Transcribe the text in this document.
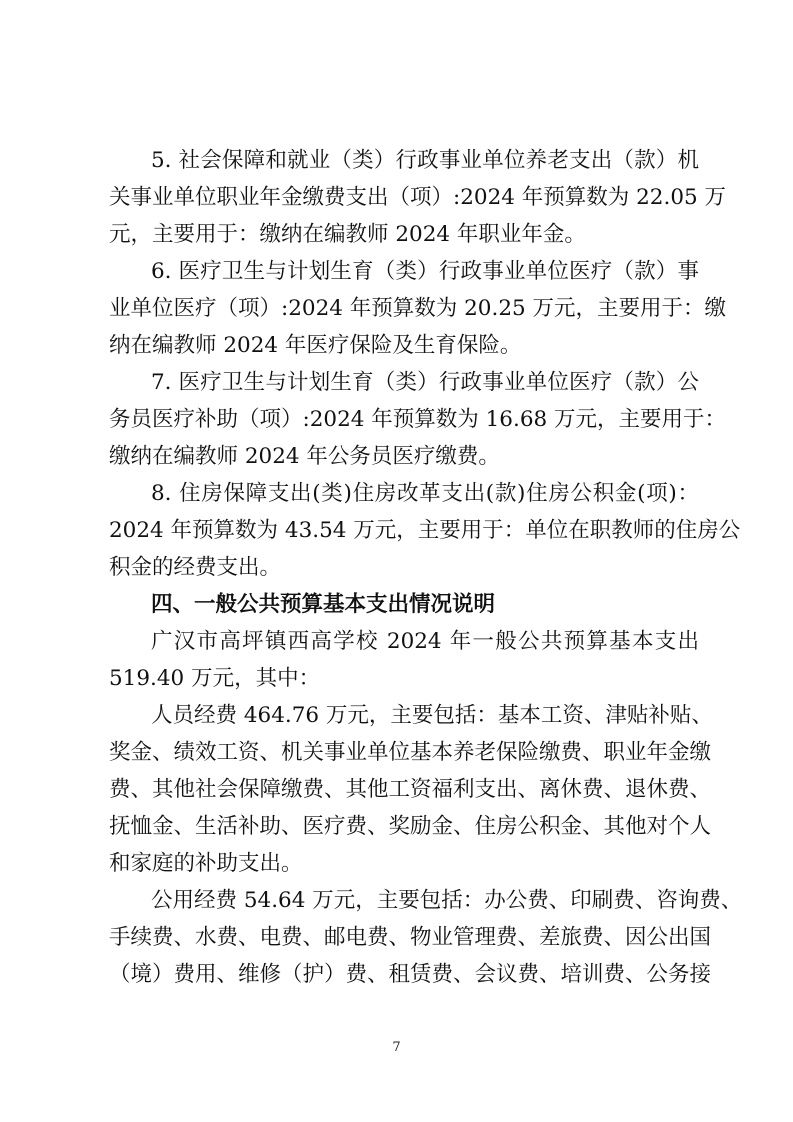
5. 社会保障和就业（类）行政事业单位养老支出（款）机
关事业单位职业年金缴费支出（项）:2024 年预算数为 22.05 万
元，主要用于：缴纳在编教师 2024 年职业年金。
6. 医疗卫生与计划生育（类）行政事业单位医疗（款）事
业单位医疗（项）:2024 年预算数为 20.25 万元，主要用于：缴
纳在编教师 2024 年医疗保险及生育保险。
7. 医疗卫生与计划生育（类）行政事业单位医疗（款）公
务员医疗补助（项）:2024 年预算数为 16.68 万元，主要用于：
缴纳在编教师 2024 年公务员医疗缴费。
8. 住房保障支出(类)住房改革支出(款)住房公积金(项)：
2024 年预算数为 43.54 万元，主要用于：单位在职教师的住房公
积金的经费支出。
四、一般公共预算基本支出情况说明
广汉市高坪镇西高学校 2024 年一般公共预算基本支出
519.40 万元，其中：
人员经费 464.76 万元，主要包括：基本工资、津贴补贴、
奖金、绩效工资、机关事业单位基本养老保险缴费、职业年金缴
费、其他社会保障缴费、其他工资福利支出、离休费、退休费、
抚恤金、生活补助、医疗费、奖励金、住房公积金、其他对个人
和家庭的补助支出。
公用经费 54.64 万元，主要包括：办公费、印刷费、咨询费、
手续费、水费、电费、邮电费、物业管理费、差旅费、因公出国
（境）费用、维修（护）费、租赁费、会议费、培训费、公务接
7
